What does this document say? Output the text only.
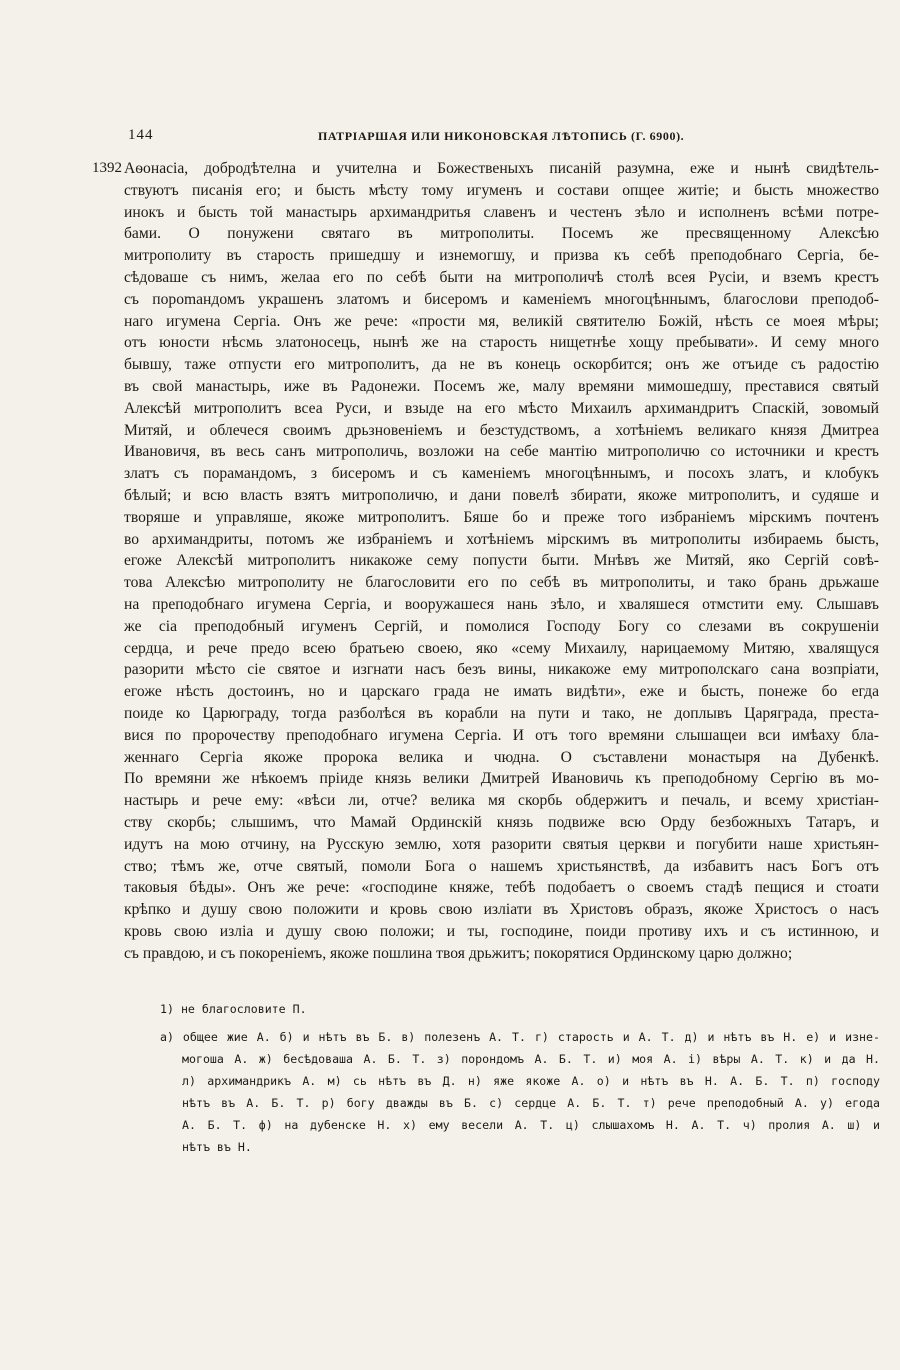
144	ПАТРІАРШАЯ ИЛИ НИКОНОВСКАЯ ЛѢТОПИСЬ (Г. 6900).
1392 Аѳонасіа, добродѣтелна и учителна и Божественыхъ писаній разумна, еже и нынѣ свидѣтель-
ствуютъ писанія его; и бысть мѣсту тому игуменъ и состави опщее житіе; и бысть множество
инокъ и бысть той манастырь архимандритья славенъ и честенъ зѣло и исполненъ всѣми потре-
бами. О понужени святаго въ митрополиты. Посемъ же пресвященному Алексѣю
митрополиту въ старость пришедшу и изнемогшу, и призва къ себѣ преподобнаго Сергіа, бе-
сѣдоваше съ нимъ, желаа его по себѣ быти на митрополичѣ столѣ всея Русіи, и вземъ крестъ
съ пороmандомъ украшенъ златомъ и бисеромъ и каменіемъ многоцѣннымъ, благослови преподоб-
наго игумена Сергіа. Онъ же рече: «прости мя, великій святителю Божій, нѣсть се моея мѣры;
отъ юности нѣсмь златоносець, нынѣ же на старость нищетнѣе хощу пребывати». И сему много
бывшу, таже отпусти его митрополитъ, да не въ конець оскорбится; онъ же отъиде съ радостію
въ свой манастырь, иже въ Радонежи. Посемъ же, малу времяни мимошедшу, преставися святый
Алексѣй митрополитъ всеа Руси, и взыде на его мѣсто Михаилъ архимандритъ Спаскій, зовомый
Митяй, и облечеся своимъ дрьзновеніемъ и безстудствомъ, а хотѣніемъ великаго князя Дмитреа
Ивановичя, въ весь санъ митрополичь, возложи на себе мантію митрополичю со источники и крестъ
златъ съ порамандомъ, з бисеромъ и съ каменіемъ многоцѣннымъ, и посохъ златъ, и клобукъ
бѣлый; и всю власть взятъ митрополичю, и дани повелѣ збирати, якоже митрополитъ, и судяше и
творяше и управляше, якоже митрополитъ. Бяше бо и преже того избраніемъ мірскимъ почтенъ
во архимандриты, потомъ же избраніемъ и хотѣніемъ мірскимъ въ митрополиты избираемь бысть,
егоже Алексѣй митрополитъ никакоже сему попусти быти. Мнѣвъ же Митяй, яко Сергій совѣ-
това Алексѣю митрополиту не благословити его по себѣ въ митрополиты, и тако брань дрьжаше
на преподобнаго игумена Сергіа, и вооружашеся нань зѣло, и хваляшеся отмстити ему. Слышавъ
же сіа преподобный игуменъ Сергій, и помолися Господу Богу со слезами въ сокрушеніи
сердца, и рече предо всею братьею своею, яко «сему Михаилу, нарицаемому Митяю, хвалящуся
разорити мѣсто сіе святое и изгнати насъ безъ вины, никакоже ему митрополскаго сана возпріати,
егоже нѣсть достоинъ, но и царскаго града не имать видѣти», еже и бысть, понеже бо егда
поиде ко Царюграду, тогда разболѣся въ корабли на пути и тако, не доплывъ Царяграда, преста-
вися по пророчеству преподобнаго игумена Сергіа. И отъ того времяни слышащеи вси имѣаху бла-
женнаго Сергіа якоже пророка велика и чюдна. О съставлени монастыря на Дубенкѣ.
По времяни же нѣкоемъ пріиде князь велики Дмитрей Ивановичь къ преподобному Сергію въ мо-
настырь и рече ему: «вѣси ли, отче? велика мя скорбь обдержитъ и печаль, и всему христіан-
ству скорбь; слышимъ, что Мамай Ординскій князь подвиже всю Орду безбожныхъ Татаръ, и
идутъ на мою отчину, на Русскую землю, хотя разорити святыя церкви и погубити наше христьян-
ство; тѣмъ же, отче святый, помоли Бога о нашемъ христьянствѣ, да избавитъ насъ Богъ отъ
таковыя бѣды». Онъ же рече: «господине княже, тебѣ подобаетъ о своемъ стадѣ пещися и стоати
крѣпко и душу свою положити и кровь свою изліати въ Христовъ образъ, якоже Христосъ о насъ
кровь свою изліа и душу свою положи; и ты, господине, поиди противу ихъ и съ истинною, и
съ правдою, и съ покореніемъ, якоже пошлина твоя дрьжитъ; покорятися Ординскому царю должно;
1) не благословите П.
а) общее жие А. б) и нѣтъ въ Б. в) полезенъ А. Т. г) старость и А. Т. д) и нѣтъ въ Н. е) и изне-
могоша А. ж) бесѣдоваша А. Б. Т. з) порондомъ А. Б. Т. и) моя А. і) вѣры А. Т. к) и да Н.
л) архимандрикъ А. м) сь нѣтъ въ Д. н) яже якоже А. о) и нѣтъ въ Н. А. Б. Т. п) господу
нѣтъ въ А. Б. Т. р) богу дважды въ Б. с) сердце А. Б. Т. т) рече преподобный А. у) егода
А. Б. Т. ф) на дубенске Н. х) ему весели А. Т. ц) слышахомъ Н. А. Т. ч) пролия А. ш) и
нѣтъ въ Н.
